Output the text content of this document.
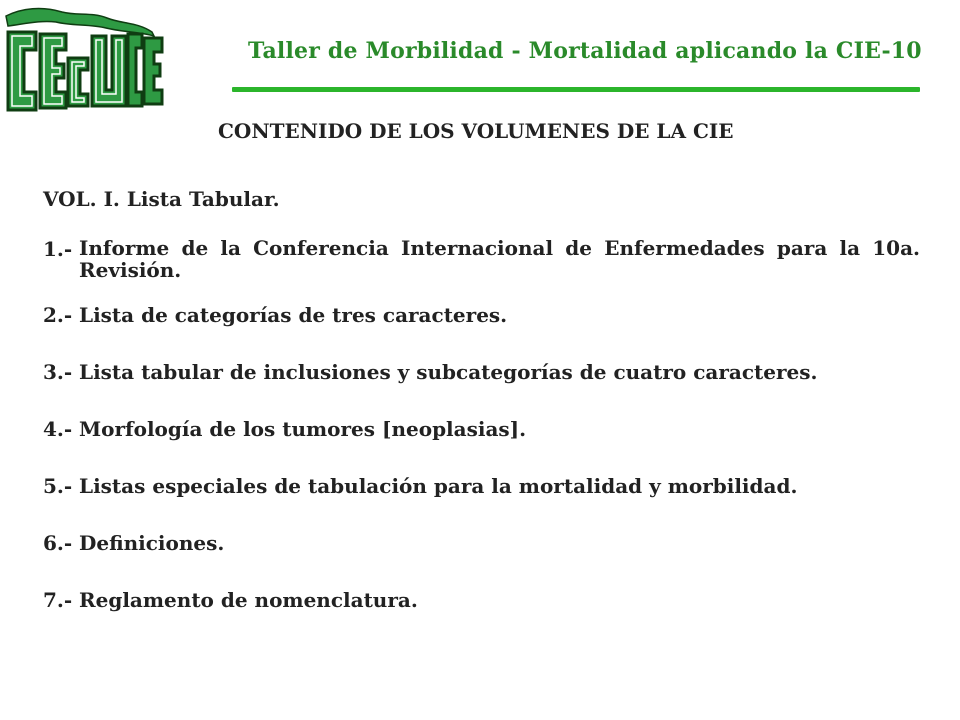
Taller de Morbilidad - Mortalidad aplicando la CIE-10
CONTENIDO DE LOS VOLUMENES DE LA CIE
VOL. I. Lista Tabular.
1.- Informe de la Conferencia Internacional de Enfermedades para la 10a. Revisión.
2.- Lista de categorías de tres caracteres.
3.- Lista tabular de inclusiones y subcategorías de cuatro caracteres.
4.- Morfología de los tumores [neoplasias].
5.- Listas especiales de tabulación para la mortalidad y morbilidad.
6.- Definiciones.
7.- Reglamento de nomenclatura.
